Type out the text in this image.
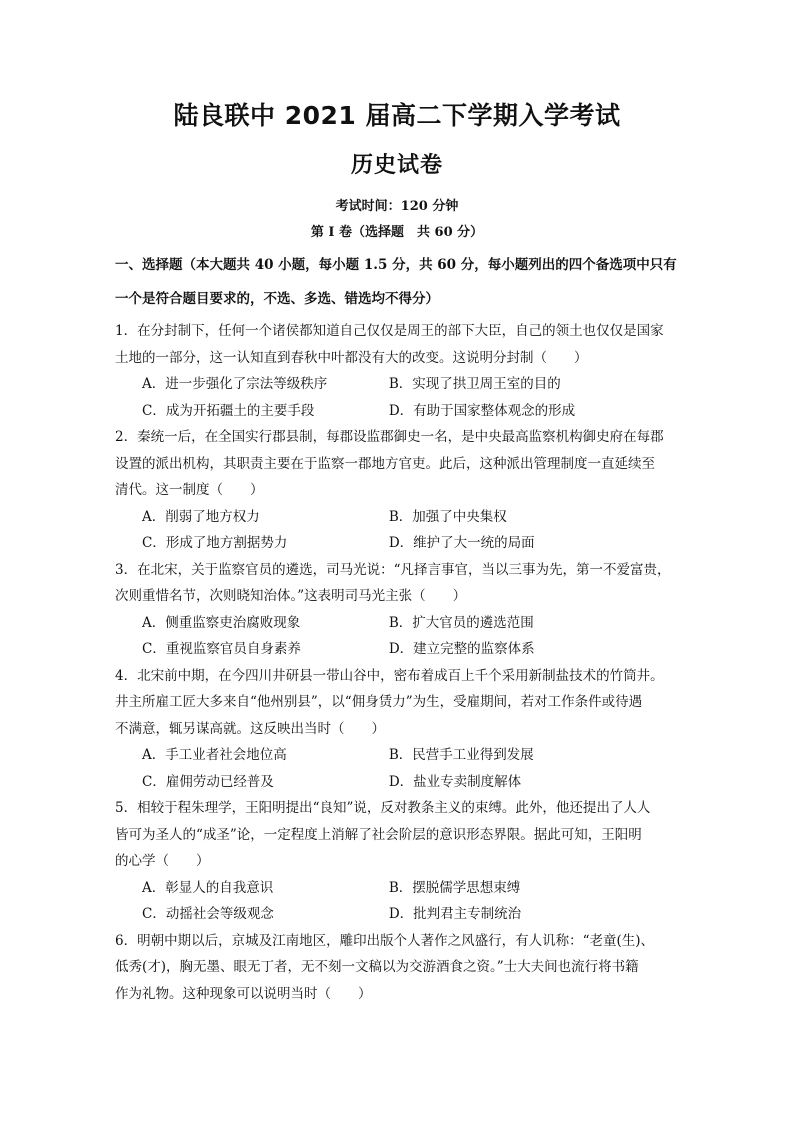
陆良联中 2021 届高二下学期入学考试
历史试卷
考试时间：120 分钟
第 I 卷（选择题　共 60 分）
一、选择题（本大题共 40 小题，每小题 1.5 分，共 60 分，每小题列出的四个备选项中只有
一个是符合题目要求的，不选、多选、错选均不得分）
1．在分封制下，任何一个诸侯都知道自己仅仅是周王的部下大臣，自己的领土也仅仅是国家
土地的一部分，这一认知直到春秋中叶都没有大的改变。这说明分封制（　　）
A．进一步强化了宗法等级秩序	B．实现了拱卫周王室的目的
C．成为开拓疆土的主要手段	D．有助于国家整体观念的形成
2．秦统一后，在全国实行郡县制，每郡设监郡御史一名，是中央最高监察机构御史府在每郡
设置的派出机构，其职责主要在于监察一郡地方官吏。此后，这种派出管理制度一直延续至
清代。这一制度（　　）
A．削弱了地方权力	B．加强了中央集权
C．形成了地方割据势力	D．维护了大一统的局面
3．在北宋，关于监察官员的遴选，司马光说：“凡择言事官，当以三事为先，第一不爱富贵，
次则重惜名节，次则晓知治体。”这表明司马光主张（　　）
A．侧重监察吏治腐败现象	B．扩大官员的遴选范围
C．重视监察官员自身素养	D．建立完整的监察体系
4．北宋前中期，在今四川井研县一带山谷中，密布着成百上千个采用新制盐技术的竹筒井。
井主所雇工匠大多来自“他州别县”，以“佣身赁力”为生，受雇期间，若对工作条件或待遇
不满意，辄另谋高就。这反映出当时（　　）
A．手工业者社会地位高	B．民营手工业得到发展
C．雇佣劳动已经普及	D．盐业专卖制度解体
5．相较于程朱理学，王阳明提出“良知”说，反对教条主义的束缚。此外，他还提出了人人
皆可为圣人的“成圣”论，一定程度上消解了社会阶层的意识形态界限。据此可知，王阳明
的心学（　　）
A．彰显人的自我意识	B．摆脱儒学思想束缚
C．动摇社会等级观念	D．批判君主专制统治
6．明朝中期以后，京城及江南地区，雕印出版个人著作之风盛行，有人讥称：“老童(生)、
低秀(才)，胸无墨、眼无丁者，无不刻一文稿以为交游酒食之资。”士大夫间也流行将书籍
作为礼物。这种现象可以说明当时（　　）
